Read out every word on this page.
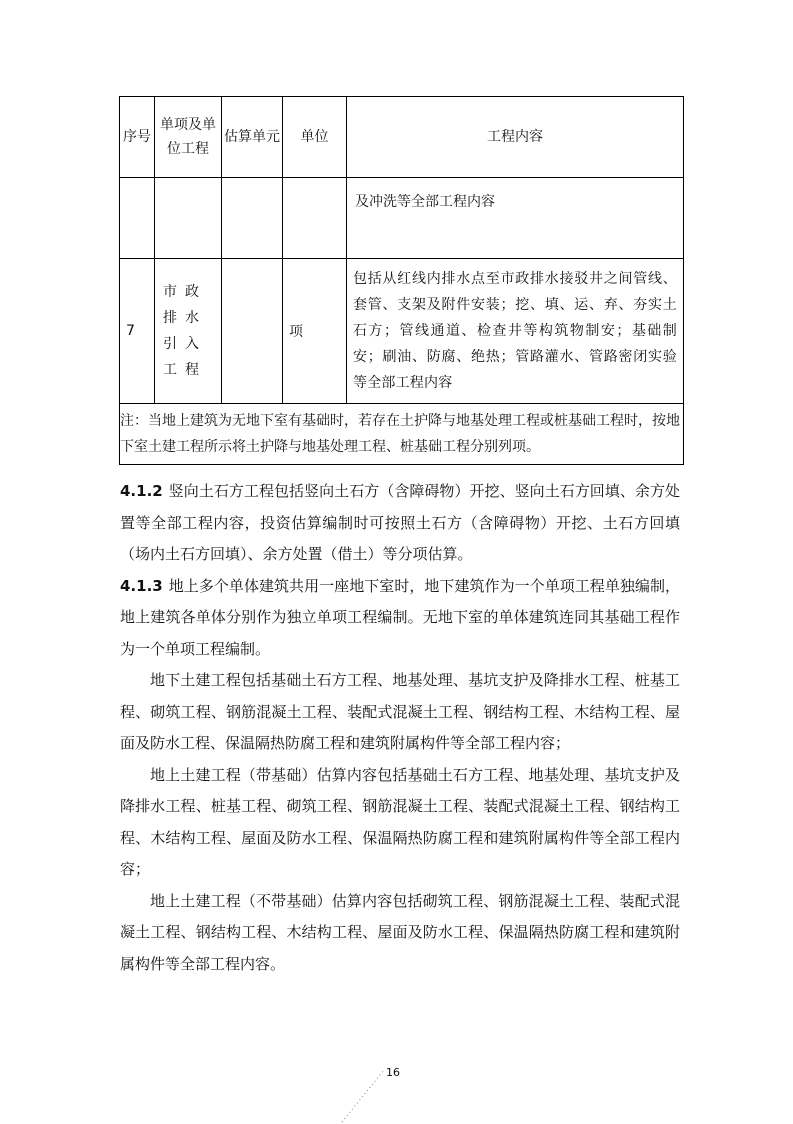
序号	单项及单位工程	估算单元	单位	工程内容
				及冲洗等全部工程内容
7	市政排水引入工程		项	包括从红线内排水点至市政排水接驳井之间管线、套管、支架及附件安装；挖、填、运、弃、夯实土石方；管线通道、检查井等构筑物制安；基础制安；刷油、防腐、绝热；管路灌水、管路密闭实验等全部工程内容
注：当地上建筑为无地下室有基础时，若存在土护降与地基处理工程或桩基础工程时，按地下室土建工程所示将土护降与地基处理工程、桩基础工程分别列项。				

4.1.2 竖向土石方工程包括竖向土石方（含障碍物）开挖、竖向土石方回填、余方处置等全部工程内容，投资估算编制时可按照土石方（含障碍物）开挖、土石方回填（场内土石方回填）、余方处置（借土）等分项估算。

4.1.3 地上多个单体建筑共用一座地下室时，地下建筑作为一个单项工程单独编制，地上建筑各单体分别作为独立单项工程编制。无地下室的单体建筑连同其基础工程作为一个单项工程编制。

地下土建工程包括基础土石方工程、地基处理、基坑支护及降排水工程、桩基工程、砌筑工程、钢筋混凝土工程、装配式混凝土工程、钢结构工程、木结构工程、屋面及防水工程、保温隔热防腐工程和建筑附属构件等全部工程内容；

地上土建工程（带基础）估算内容包括基础土石方工程、地基处理、基坑支护及降排水工程、桩基工程、砌筑工程、钢筋混凝土工程、装配式混凝土工程、钢结构工程、木结构工程、屋面及防水工程、保温隔热防腐工程和建筑附属构件等全部工程内容；

地上土建工程（不带基础）估算内容包括砌筑工程、钢筋混凝土工程、装配式混凝土工程、钢结构工程、木结构工程、屋面及防水工程、保温隔热防腐工程和建筑附属构件等全部工程内容。

16
